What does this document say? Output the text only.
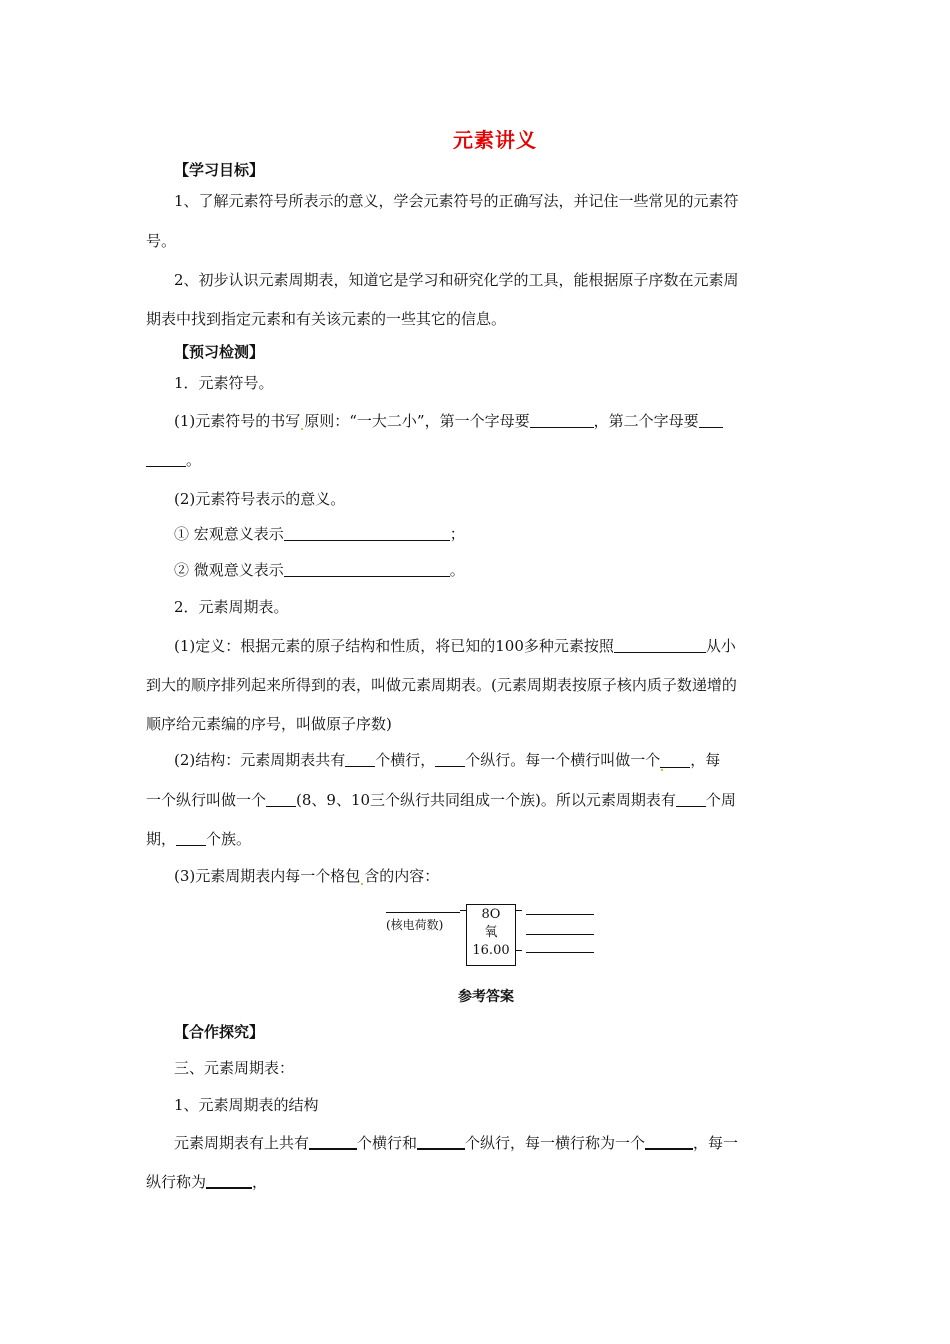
元素讲义
【学习目标】
1、了解元素符号所表示的意义，学会元素符号的正确写法，并记住一些常见的元素符
号。
2、初步认识元素周期表，知道它是学习和研究化学的工具，能根据原子序数在元素周
期表中找到指定元素和有关该元素的一些其它的信息。
【预习检测】
1．元素符号。
(1)元素符号的书写 原则：“一大二小”，第一个字母要	，第二个字母要
。
(2)元素符号表示的意义。
① 宏观意义表示	；
② 微观意义表示	。
2．元素周期表。
(1)定义：根据元素的原子结构和性质，将已知的100多种元素按照	从小
到大的顺序排列起来所得到的表，叫做元素周期表。(元素周期表按原子核内质子数递增的
顺序给元素编的序号，叫做原子序数)
(2)结构：元素周期表共有 个横行， 个纵行。每一个横行叫做一个 ，每
一个纵行叫做一个 (8、9、10三个纵行共同组成一个族)。所以元素周期表有 个周
期， 个族。
(3)元素周期表内每一个格包 含的内容：
(核电荷数)
8O
氧
16.00
参考答案
【合作探究】
三、元素周期表：
1、元素周期表的结构
元素周期表有上共有	个横行和	个纵行，每一横行称为一个	，每一
纵行称为	，
